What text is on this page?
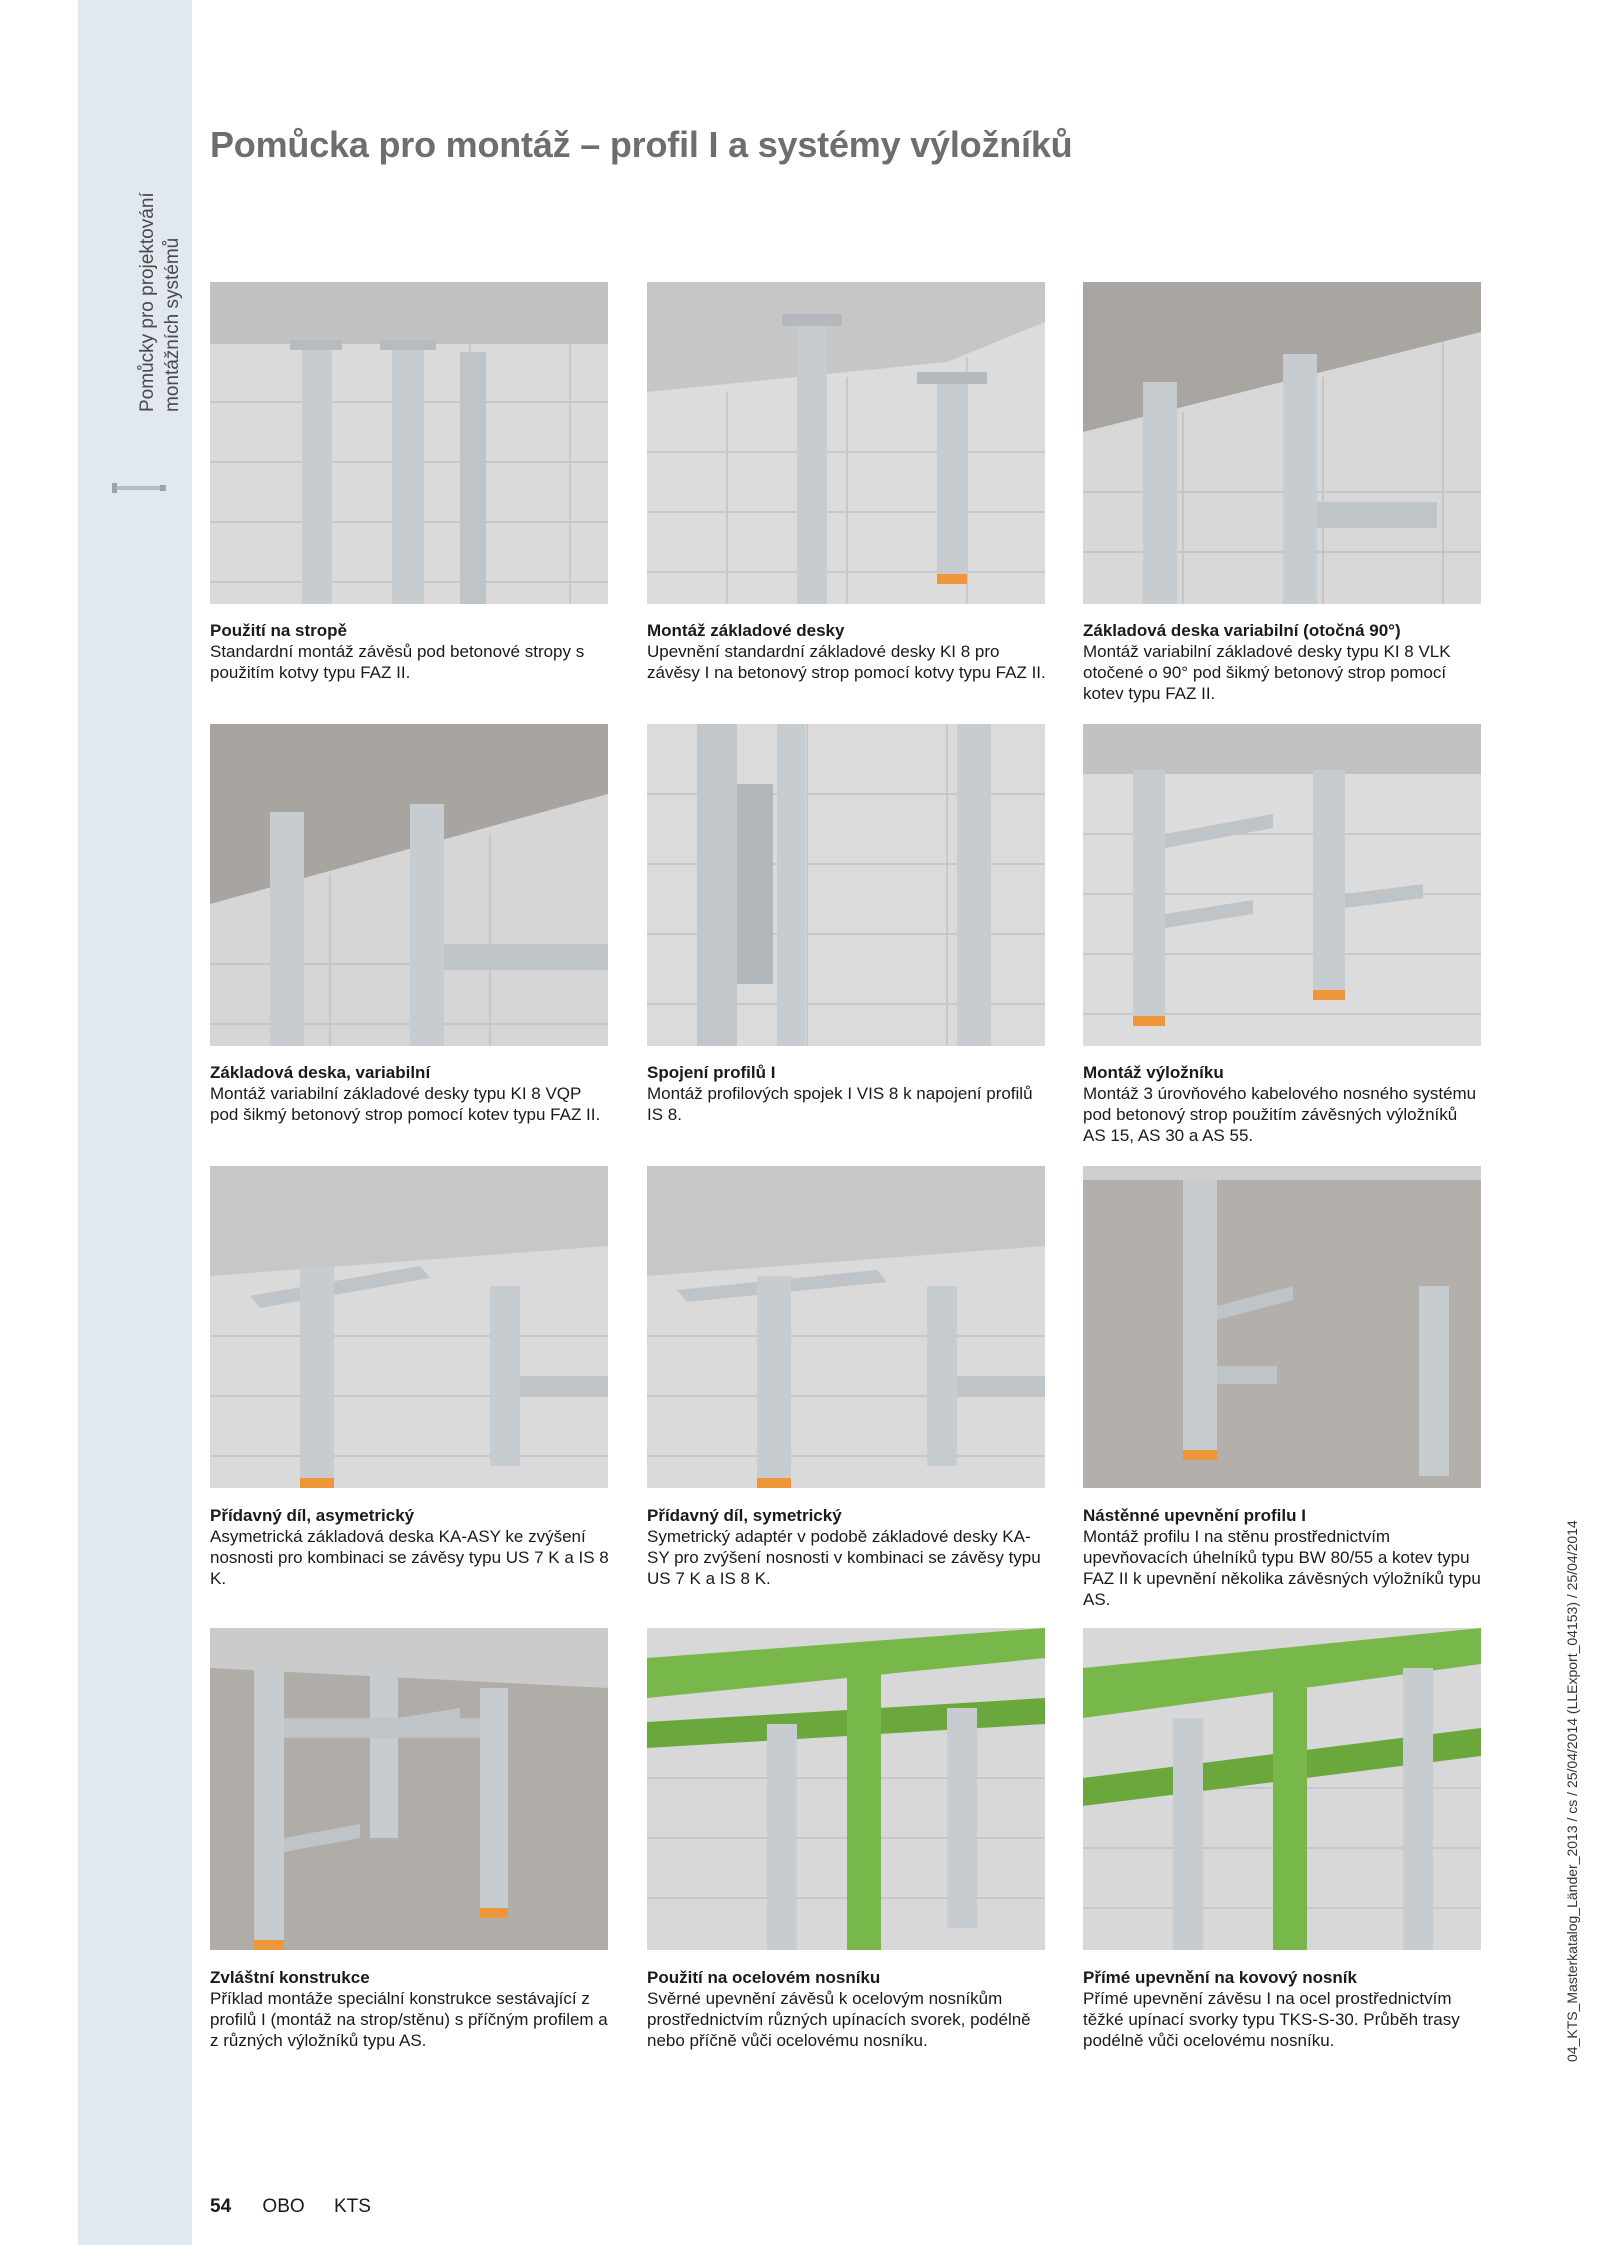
Pomůcky pro projektování montážních systémů
Pomůcka pro montáž – profil I a systémy výložníků
Použití na stropě
Standardní montáž závěsů pod betonové stropy s použitím kotvy typu FAZ II.
Montáž základové desky
Upevnění standardní základové desky KI 8 pro závěsy I na betonový strop pomocí kotvy typu FAZ II.
Základová deska variabilní (otočná 90°)
Montáž variabilní základové desky typu KI 8 VLK otočené o 90° pod šikmý betonový strop pomocí kotev typu FAZ II.
Základová deska, variabilní
Montáž variabilní základové desky typu KI 8 VQP pod šikmý betonový strop pomocí kotev typu FAZ II.
Spojení profilů I
Montáž profilových spojek I VIS 8 k napojení profilů IS 8.
Montáž výložníku
Montáž 3 úrovňového kabelového nosného systému pod betonový strop použitím závěsných výložníků AS 15, AS 30 a AS 55.
Přídavný díl, asymetrický
Asymetrická základová deska KA-ASY ke zvýšení nosnosti pro kombinaci se závěsy typu US 7 K a IS 8 K.
Přídavný díl, symetrický
Symetrický adaptér v podobě základové desky KA-SY pro zvýšení nosnosti v kombinaci se závěsy typu US 7 K a IS 8 K.
Nástěnné upevnění profilu I
Montáž profilu I na stěnu prostřednictvím upevňovacích úhelníků typu BW 80/55 a kotev typu FAZ II k upevnění několika závěsných výložníků typu AS.
Zvláštní konstrukce
Příklad montáže speciální konstrukce sestávající z profilů I (montáž na strop/stěnu) s příčným profilem a z různých výložníků typu AS.
Použití na ocelovém nosníku
Svěrné upevnění závěsů k ocelovým nosníkům prostřednictvím různých upínacích svorek, podélně nebo příčně vůči ocelovému nosníku.
Přímé upevnění na kovový nosník
Přímé upevnění závěsu I na ocel prostřednictvím těžké upínací svorky typu TKS-S-30. Průběh trasy podélně vůči ocelovému nosníku.
54 OBO KTS
04_KTS_Masterkatalog_Länder_2013 / cs / 25/04/2014 (LLExport_04153) / 25/04/2014
